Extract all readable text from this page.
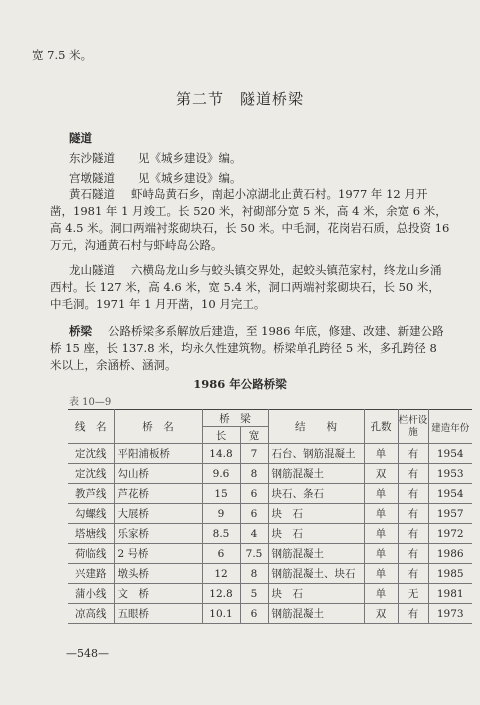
宽 7.5 米。
第二节　隧道桥梁
隧道
东沙隧道　　见《城乡建设》编。
宫墩隧道　　见《城乡建设》编。
黄石隧道 虾峙岛黄石乡，南起小凉湖北止黄石村。1977 年 12 月开凿，1981 年 1 月竣工。长 520 米，衬砌部分宽 5 米，高 4 米，余宽 6 米，高 4.5 米。洞口两端衬浆砌块石，长 50 米。中毛洞，花岗岩石质，总投资 16 万元，沟通黄石村与虾峙岛公路。
龙山隧道 六横岛龙山乡与蛟头镇交界处，起蛟头镇范家村，终龙山乡涌西村。长 127 米，高 4.6 米，宽 5.4 米，洞口两端衬浆砌块石，长 50 米，中毛洞。1971 年 1 月开凿，10 月完工。
桥梁 公路桥梁多系解放后建造，至 1986 年底，修建、改建、新建公路桥 15 座，长 137.8 米，均永久性建筑物。桥梁单孔跨径 5 米，多孔跨径 8 米以上，余涵桥、涵洞。
1986 年公路桥梁
表 10—9
线　名	桥　名	桥　梁		结　　构	孔数	栏杆设施	建造年份
		长	宽				
定沈线	平阳浦板桥	14.8	7	石台、钢筋混凝土	单	有	1954
定沈线	勾山桥	9.6	8	钢筋混凝土	双	有	1953
教芦线	芦花桥	15	6	块石、条石	单	有	1954
勾螺线	大展桥	9	6	块　石	单	有	1957
塔塘线	乐家桥	8.5	4	块　石	单	有	1972
荷临线	2 号桥	6	7.5	钢筋混凝土	单	有	1986
兴建路	墩头桥	12	8	钢筋混凝土、块石	单	有	1985
蒲小线	文　桥	12.8	5	块　石	单	无	1981
凉高线	五眼桥	10.1	6	钢筋混凝土	双	有	1973
—548—
